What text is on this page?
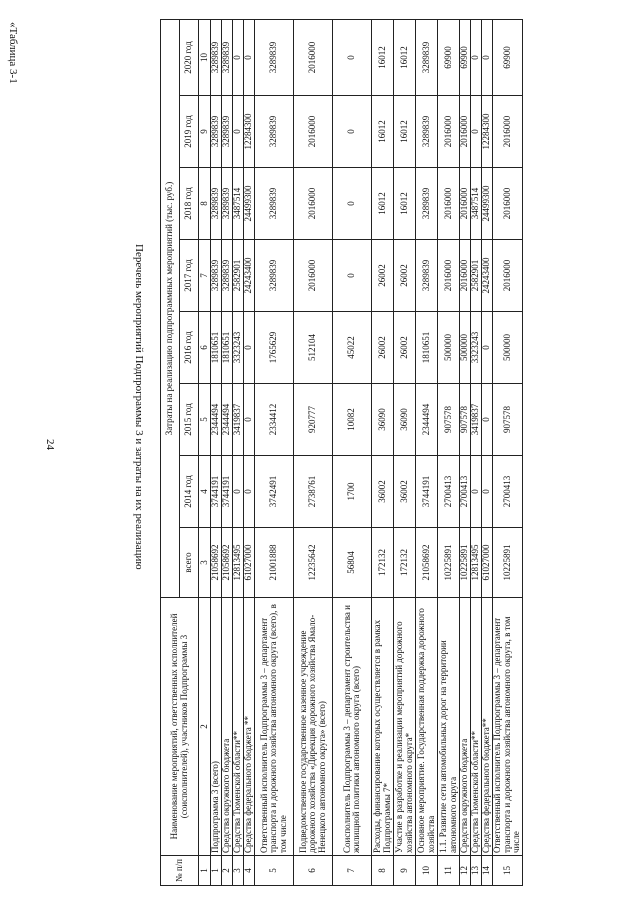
24
«Таблица 3-1
Перечень мероприятий Подпрограммы 3 и затраты на их реализацию
№ п/п	Наименование мероприятий, ответственных исполнителей (соисполнителей), участников Подпрограммы 3	Затраты на реализацию подпрограммных мероприятий (тыс. руб.)							
		всего	2014 год	2015 год	2016 год	2017 год	2018 год	2019 год	2020 год
1	2	3	4	5	6	7	8	9	10
1	Подпрограмма 3 (всего)	21058692	3744191	2344494	1810651	3289839	3289839	3289839	3289839
2	Средства окружного бюджета	21058692	3744191	2344494	1810651	3289839	3289839	3289839	3289839
3	Средства Тюменской области**	12813495	0	3419837	3323243	2582901	3487514	0	0
4	Средства федерального бюджета **	61027000	0	0	0	24243400	24499300	12284300	0
5	Ответственный исполнитель Подпрограммы 3 – департамент транспорта и дорожного хозяйства автономного округа (всего), в том числе	21001888	3742491	2334412	1765629	3289839	3289839	3289839	3289839
6	Подведомственное государственное казенное учреждение дорожного хозяйства «Дирекция дорожного хозяйства Ямало-Ненецкого автономного округа» (всего)	12235642	2738761	920777	512104	2016000	2016000	2016000	2016000
7	Соисполнитель Подпрограммы 3 – департамент строительства и жилищной политики автономного округа (всего)	56804	1700	10082	45022	0	0	0	0
8	Расходы, финансирование которых осуществляется в рамках Подпрограммы 7*	172132	36002	36090	26002	26002	16012	16012	16012
9	Участие в разработке и реализации мероприятий дорожного хозяйства автономного округа*	172132	36002	36090	26002	26002	16012	16012	16012
10	Основное мероприятие. Государственная поддержка дорожного хозяйства	21058692	3744191	2344494	1810651	3289839	3289839	3289839	3289839
11	1.1. Развитие сети автомобильных дорог на территории автономного округа	10225891	2700413	907578	500000	2016000	2016000	2016000	69900
12	Средства окружного бюджета	10225891	2700413	907578	500000	2016000	2016000	2016000	69900
13	Средства Тюменской области**	12813495	0	3419837	3323243	2582901	3487514	0	0
14	Средства федерального бюджета**	61027000	0	0	0	24243400	24499300	12284300	0
15	Ответственный исполнитель Подпрограммы 3 – департамент транспорта и дорожного хозяйства автономного округа, в том числе	10225891	2700413	907578	500000	2016000	2016000	2016000	69900
